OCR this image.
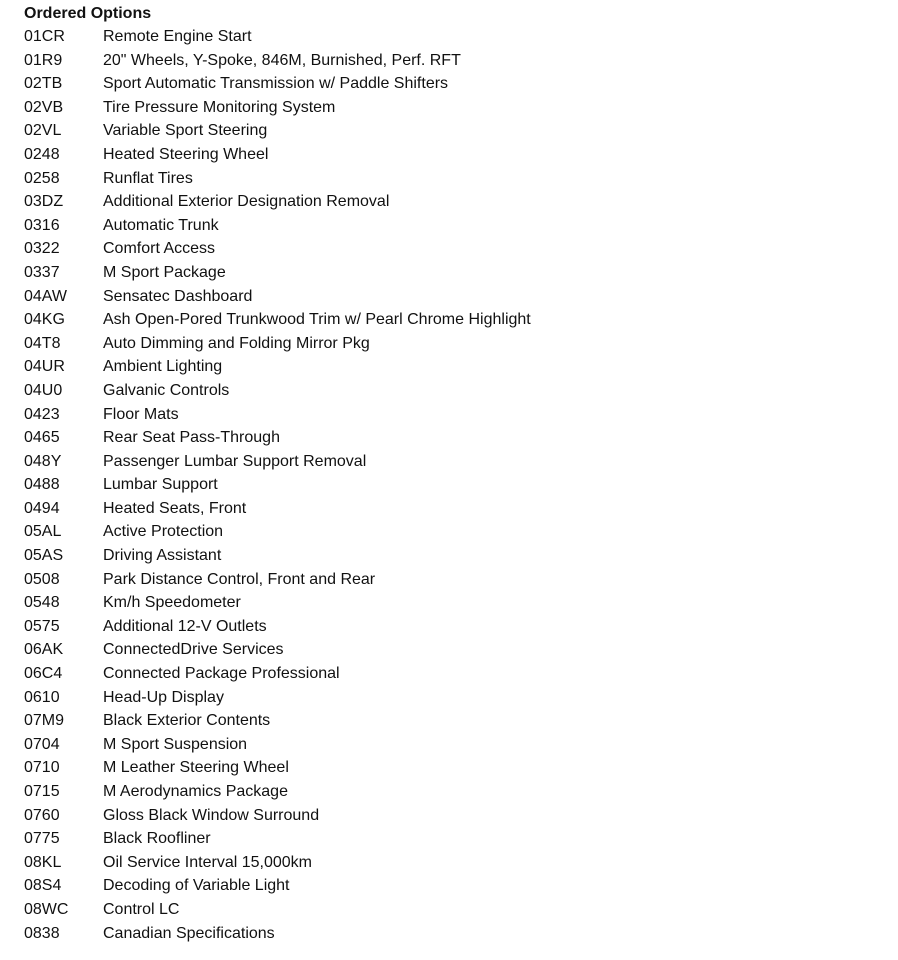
Ordered Options
01CR Remote Engine Start
01R9	20" Wheels, Y-Spoke, 846M, Burnished, Perf. RFT
02TB	Sport Automatic Transmission w/ Paddle Shifters
02VB Tire Pressure Monitoring System
02VL	Variable Sport Steering
0248	Heated Steering Wheel
0258	Runflat Tires
03DZ Additional Exterior Designation Removal
0316	Automatic Trunk
0322	Comfort Access
0337	M Sport Package
04AW Sensatec Dashboard
04KG Ash Open-Pored Trunkwood Trim w/ Pearl Chrome Highlight
04T8	Auto Dimming and Folding Mirror Pkg
04UR Ambient Lighting
04U0	Galvanic Controls
0423	Floor Mats
0465	Rear Seat Pass-Through
048Y	Passenger Lumbar Support Removal
0488	Lumbar Support
0494	Heated Seats, Front
05AL	Active Protection
05AS Driving Assistant
0508	Park Distance Control, Front and Rear
0548	Km/h Speedometer
0575	Additional 12-V Outlets
06AK ConnectedDrive Services
06C4	Connected Package Professional
0610	Head-Up Display
07M9 Black Exterior Contents
0704	M Sport Suspension
0710	M Leather Steering Wheel
0715	M Aerodynamics Package
0760	Gloss Black Window Surround
0775	Black Roofliner
08KL	Oil Service Interval 15,000km
08S4	Decoding of Variable Light
08WC Control LC
0838	Canadian Specifications
